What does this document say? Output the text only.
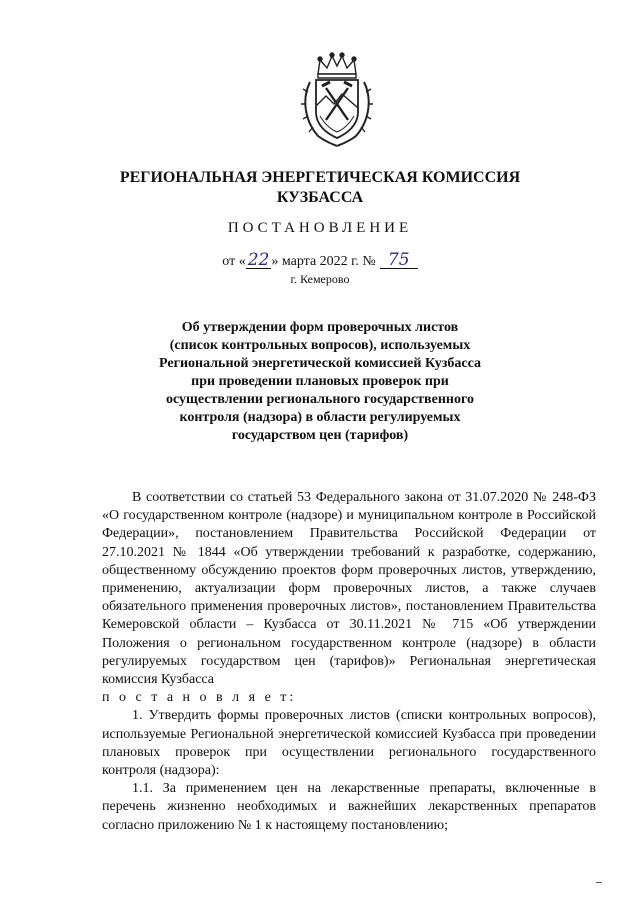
РЕГИОНАЛЬНАЯ ЭНЕРГЕТИЧЕСКАЯ КОМИССИЯ
КУЗБАССА
ПОСТАНОВЛЕНИЕ
от « 22 » марта 2022 г. № 75
г. Кемерово
Об утверждении форм проверочных листов
(список контрольных вопросов), используемых
Региональной энергетической комиссией Кузбасса
при проведении плановых проверок при
осуществлении регионального государственного
контроля (надзора) в области регулируемых
государством цен (тарифов)

В соответствии со статьей 53 Федерального закона от 31.07.2020 № 248-ФЗ «О государственном контроле (надзоре) и муниципальном контроле в Российской Федерации», постановлением Правительства Российской Федерации от 27.10.2021 № 1844 «Об утверждении требований к разработке, содержанию, общественному обсуждению проектов форм проверочных листов, утверждению, применению, актуализации форм проверочных листов, а также случаев обязательного применения проверочных листов», постановлением Правительства Кемеровской области – Кузбасса от 30.11.2021 № 715 «Об утверждении Положения о региональном государственном контроле (надзоре) в области регулируемых государством цен (тарифов)» Региональная энергетическая комиссия Кузбасса

п о с т а н о в л я е т:

1. Утвердить формы проверочных листов (списки контрольных вопросов), используемые Региональной энергетической комиссией Кузбасса при проведении плановых проверок при осуществлении регионального государственного контроля (надзора):

1.1. За применением цен на лекарственные препараты, включенные в перечень жизненно необходимых и важнейших лекарственных препаратов согласно приложению № 1 к настоящему постановлению;
